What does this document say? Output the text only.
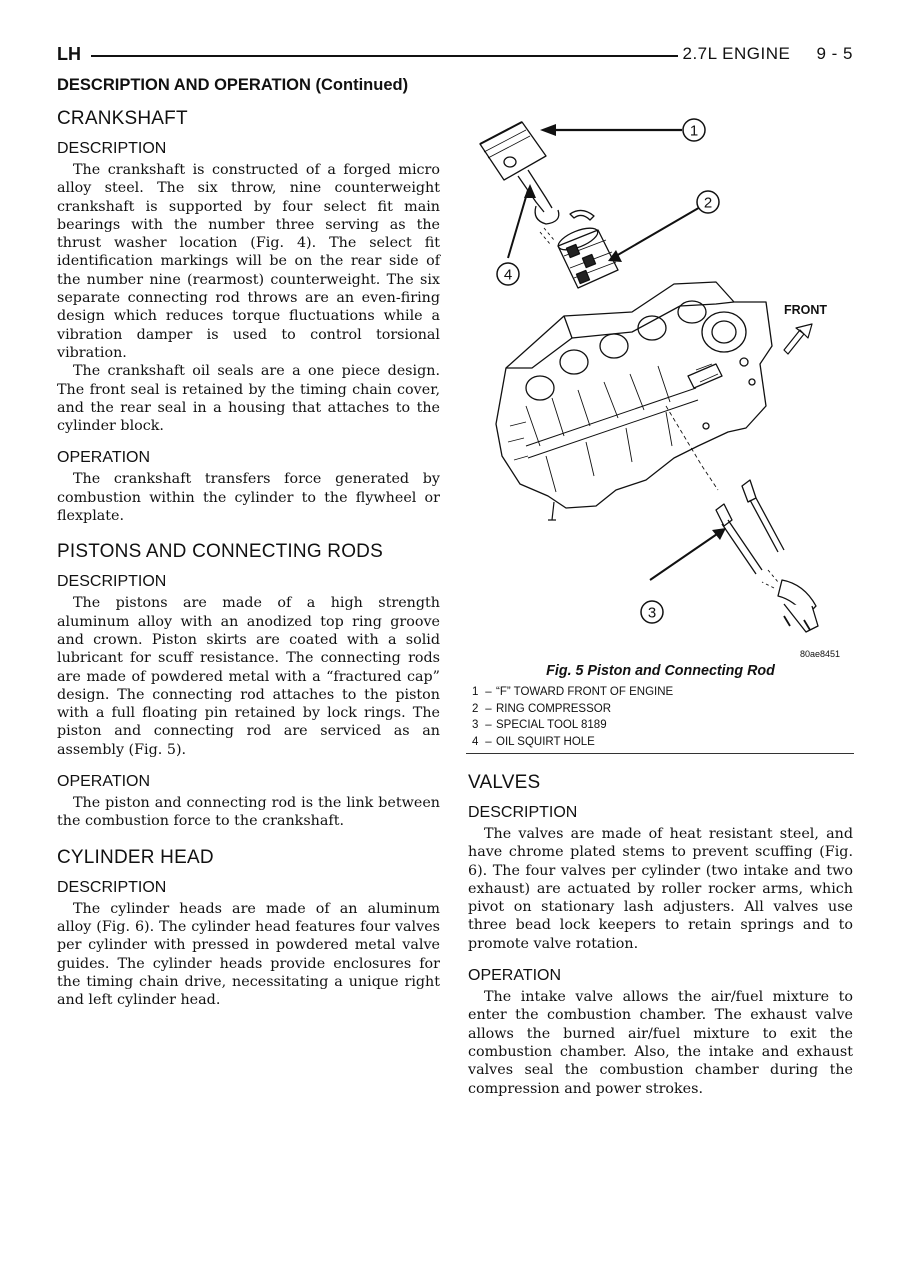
LH	2.7L ENGINE     9 - 5
DESCRIPTION AND OPERATION (Continued)
CRANKSHAFT
DESCRIPTION

The crankshaft is constructed of a forged micro alloy steel. The six throw, nine counterweight crankshaft is supported by four select fit main bearings with the number three serving as the thrust washer location (Fig. 4). The select fit identification markings will be on the rear side of the number nine (rearmost) counterweight. The six separate connecting rod throws are an even-firing design which reduces torque fluctuations while a vibration damper is used to control torsional vibration.

The crankshaft oil seals are a one piece design. The front seal is retained by the timing chain cover, and the rear seal in a housing that attaches to the cylinder block.

OPERATION

The crankshaft transfers force generated by combustion within the cylinder to the flywheel or flexplate.

PISTONS AND CONNECTING RODS
DESCRIPTION

The pistons are made of a high strength aluminum alloy with an anodized top ring groove and crown. Piston skirts are coated with a solid lubricant for scuff resistance. The connecting rods are made of powdered metal with a “fractured cap” design. The connecting rod attaches to the piston with a full floating pin retained by lock rings. The piston and connecting rod are serviced as an assembly (Fig. 5).

OPERATION

The piston and connecting rod is the link between the combustion force to the crankshaft.

CYLINDER HEAD
DESCRIPTION

The cylinder heads are made of an aluminum alloy (Fig. 6). The cylinder head features four valves per cylinder with pressed in powdered metal valve guides. The cylinder heads provide enclosures for the timing chain drive, necessitating a unique right and left cylinder head.

1
2
3
4
FRONT
80ae8451
Fig. 5 Piston and Connecting Rod
1 – “F” TOWARD FRONT OF ENGINE
2 – RING COMPRESSOR
3 – SPECIAL TOOL 8189
4 – OIL SQUIRT HOLE
VALVES
DESCRIPTION

The valves are made of heat resistant steel, and have chrome plated stems to prevent scuffing (Fig. 6). The four valves per cylinder (two intake and two exhaust) are actuated by roller rocker arms, which pivot on stationary lash adjusters. All valves use three bead lock keepers to retain springs and to promote valve rotation.

OPERATION

The intake valve allows the air/fuel mixture to enter the combustion chamber. The exhaust valve allows the burned air/fuel mixture to exit the combustion chamber. Also, the intake and exhaust valves seal the combustion chamber during the compression and power strokes.
